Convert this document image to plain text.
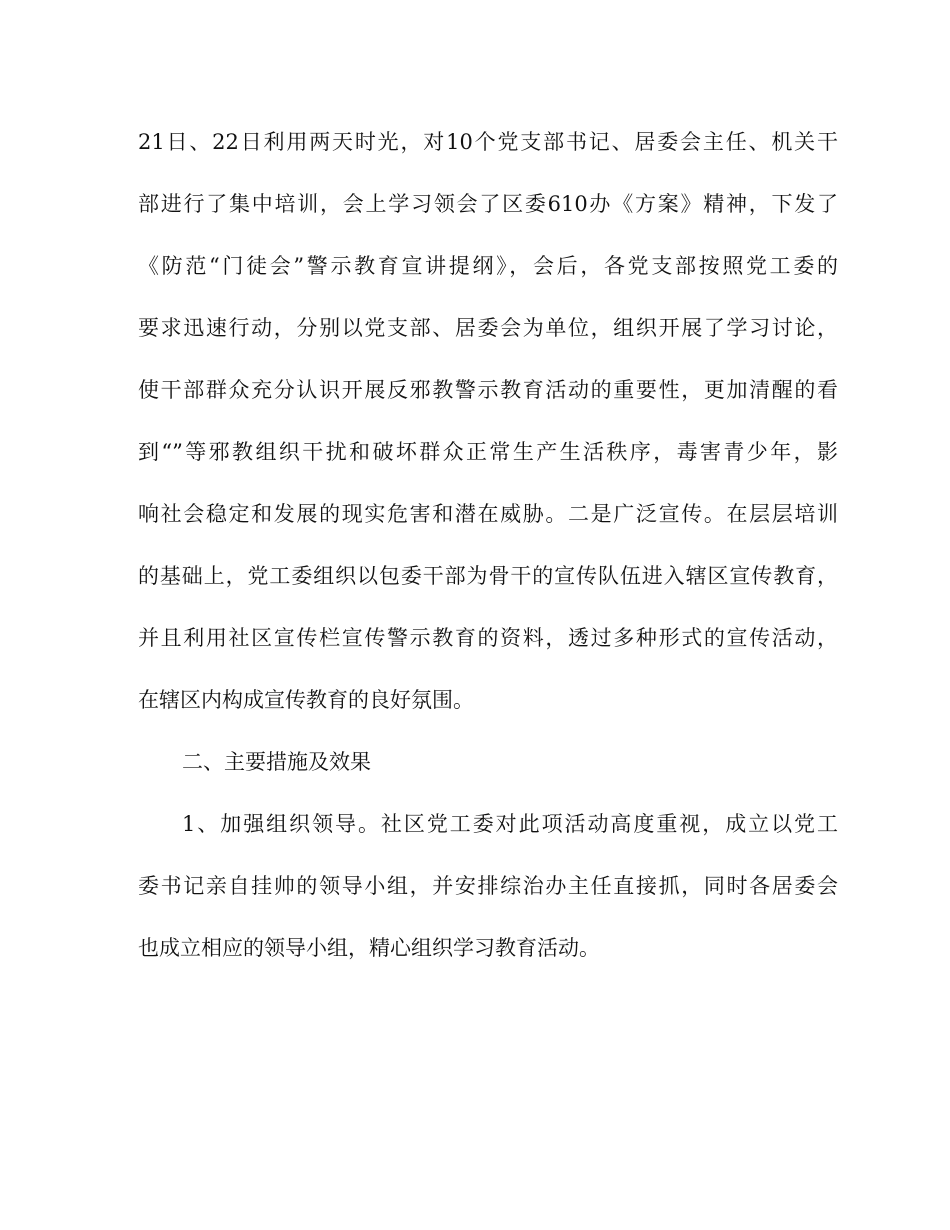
21日、22日利用两天时光，对10个党支部书记、居委会主任、机关干
部进行了集中培训，会上学习领会了区委610办《方案》精神，下发了
《防范“门徒会”警示教育宣讲提纲》，会后，各党支部按照党工委的
要求迅速行动，分别以党支部、居委会为单位，组织开展了学习讨论，
使干部群众充分认识开展反邪教警示教育活动的重要性，更加清醒的看
到“”等邪教组织干扰和破坏群众正常生产生活秩序，毒害青少年，影
响社会稳定和发展的现实危害和潜在威胁。二是广泛宣传。在层层培训
的基础上，党工委组织以包委干部为骨干的宣传队伍进入辖区宣传教育，
并且利用社区宣传栏宣传警示教育的资料，透过多种形式的宣传活动，
在辖区内构成宣传教育的良好氛围。
二、主要措施及效果
1、加强组织领导。社区党工委对此项活动高度重视，成立以党工
委书记亲自挂帅的领导小组，并安排综治办主任直接抓，同时各居委会
也成立相应的领导小组，精心组织学习教育活动。
